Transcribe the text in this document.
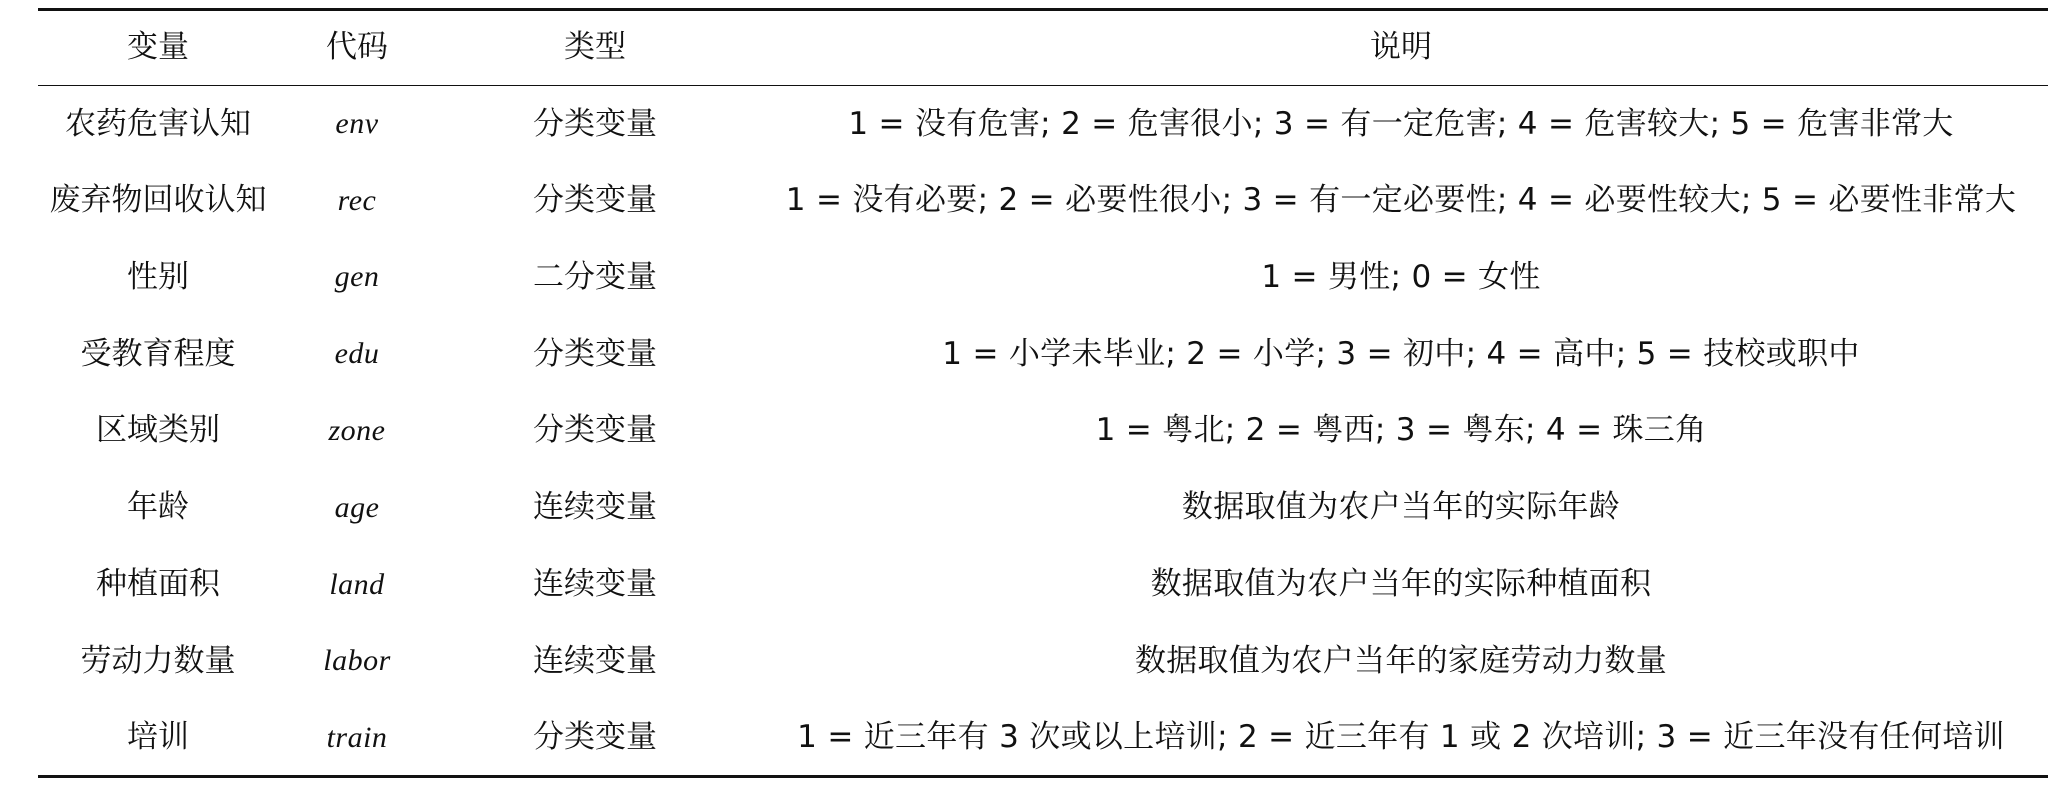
变量	代码	类型	说明
农药危害认知	env	分类变量	1 = 没有危害; 2 = 危害很小; 3 = 有一定危害; 4 = 危害较大; 5 = 危害非常大
废弃物回收认知	rec	分类变量	1 = 没有必要; 2 = 必要性很小; 3 = 有一定必要性; 4 = 必要性较大; 5 = 必要性非常大
性别	gen	二分变量	1 = 男性; 0 = 女性
受教育程度	edu	分类变量	1 = 小学未毕业; 2 = 小学; 3 = 初中; 4 = 高中; 5 = 技校或职中
区域类别	zone	分类变量	1 = 粤北; 2 = 粤西; 3 = 粤东; 4 = 珠三角
年龄	age	连续变量	数据取值为农户当年的实际年龄
种植面积	land	连续变量	数据取值为农户当年的实际种植面积
劳动力数量	labor	连续变量	数据取值为农户当年的家庭劳动力数量
培训	train	分类变量	1 = 近三年有 3 次或以上培训; 2 = 近三年有 1 或 2 次培训; 3 = 近三年没有任何培训
